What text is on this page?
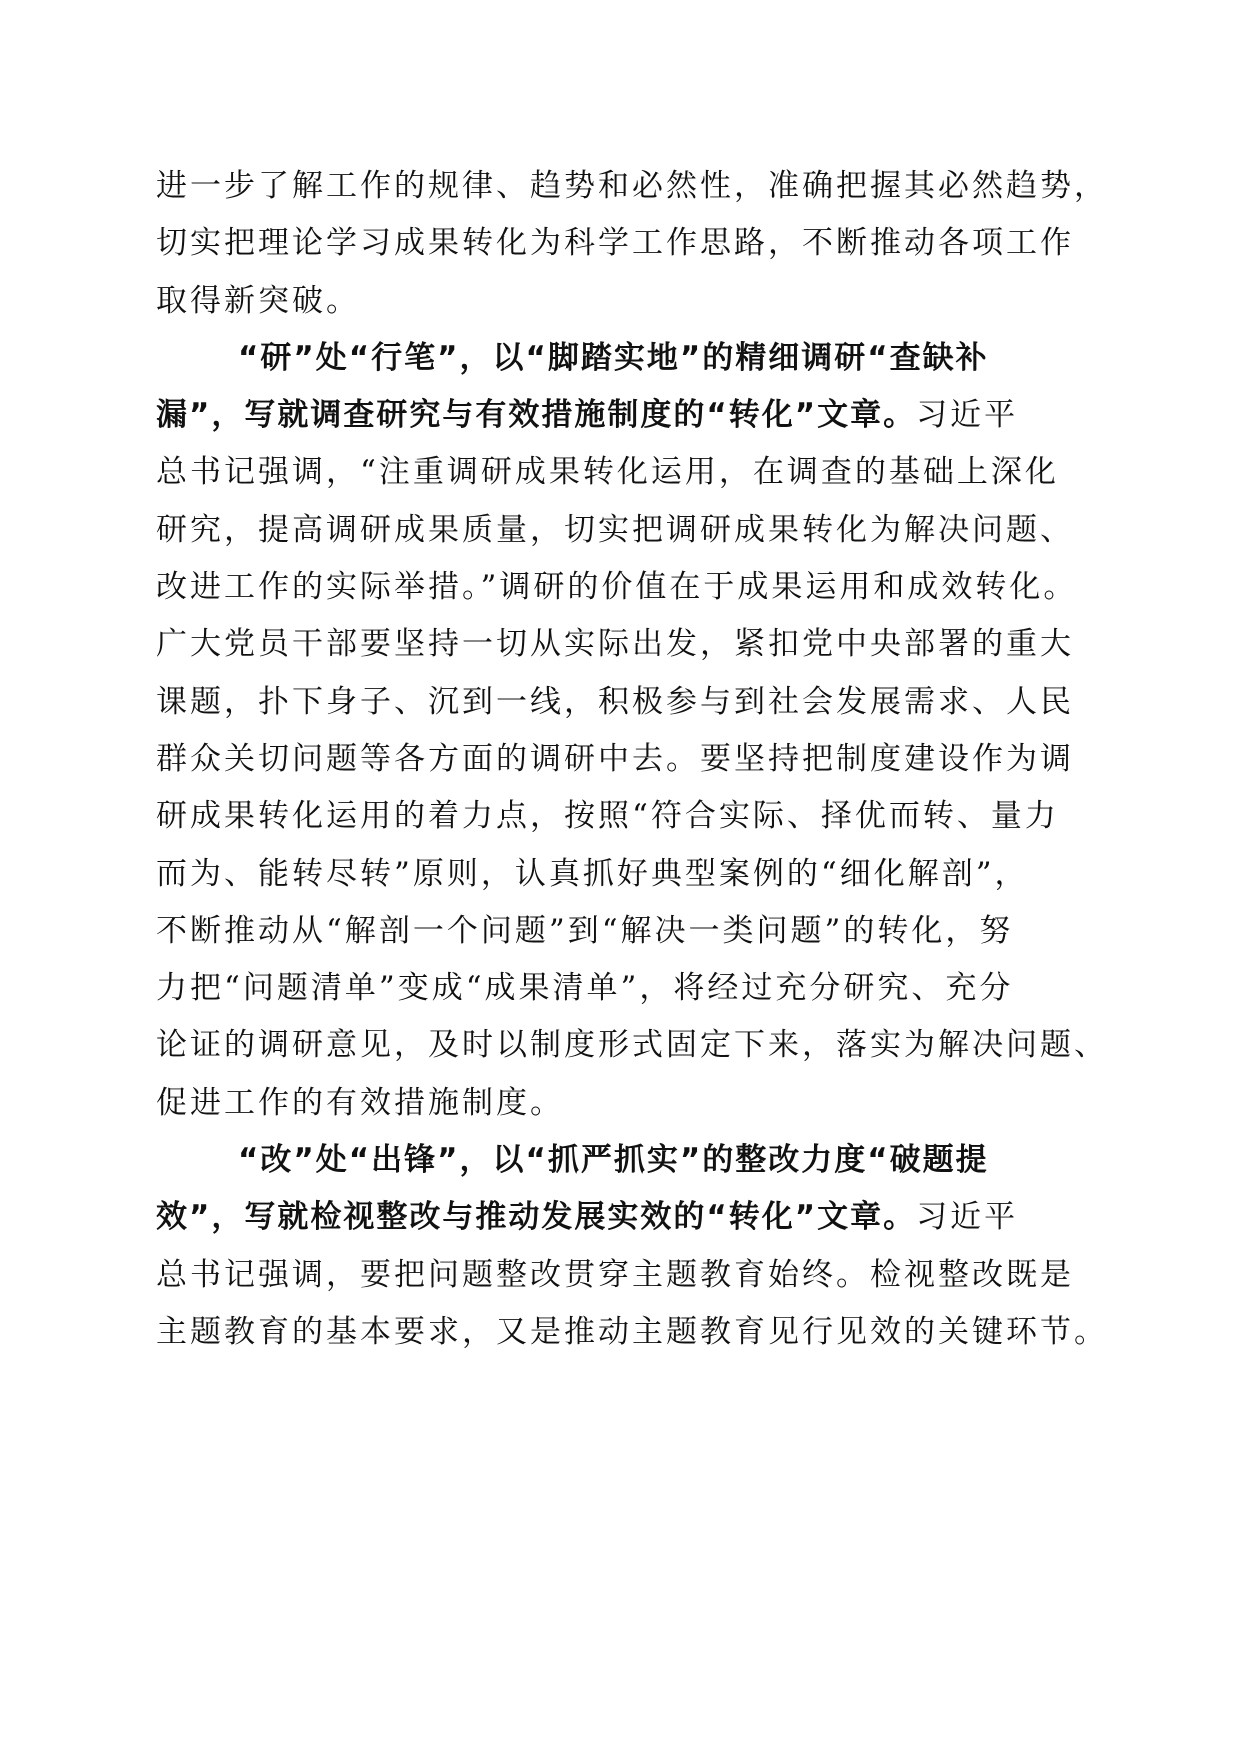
进一步了解工作的规律、趋势和必然性，准确把握其必然趋势，
切实把理论学习成果转化为科学工作思路，不断推动各项工作
取得新突破。
“研”处“行笔”，以“脚踏实地”的精细调研“查缺补
漏”，写就调查研究与有效措施制度的“转化”文章。习近平
总书记强调，“注重调研成果转化运用，在调查的基础上深化
研究，提高调研成果质量，切实把调研成果转化为解决问题、
改进工作的实际举措。”调研的价值在于成果运用和成效转化。
广大党员干部要坚持一切从实际出发，紧扣党中央部署的重大
课题，扑下身子、沉到一线，积极参与到社会发展需求、人民
群众关切问题等各方面的调研中去。要坚持把制度建设作为调
研成果转化运用的着力点，按照“符合实际、择优而转、量力
而为、能转尽转”原则，认真抓好典型案例的“细化解剖”，
不断推动从“解剖一个问题”到“解决一类问题”的转化，努
力把“问题清单”变成“成果清单”，将经过充分研究、充分
论证的调研意见，及时以制度形式固定下来，落实为解决问题、
促进工作的有效措施制度。
“改”处“出锋”，以“抓严抓实”的整改力度“破题提
效”，写就检视整改与推动发展实效的“转化”文章。习近平
总书记强调，要把问题整改贯穿主题教育始终。检视整改既是
主题教育的基本要求，又是推动主题教育见行见效的关键环节。
